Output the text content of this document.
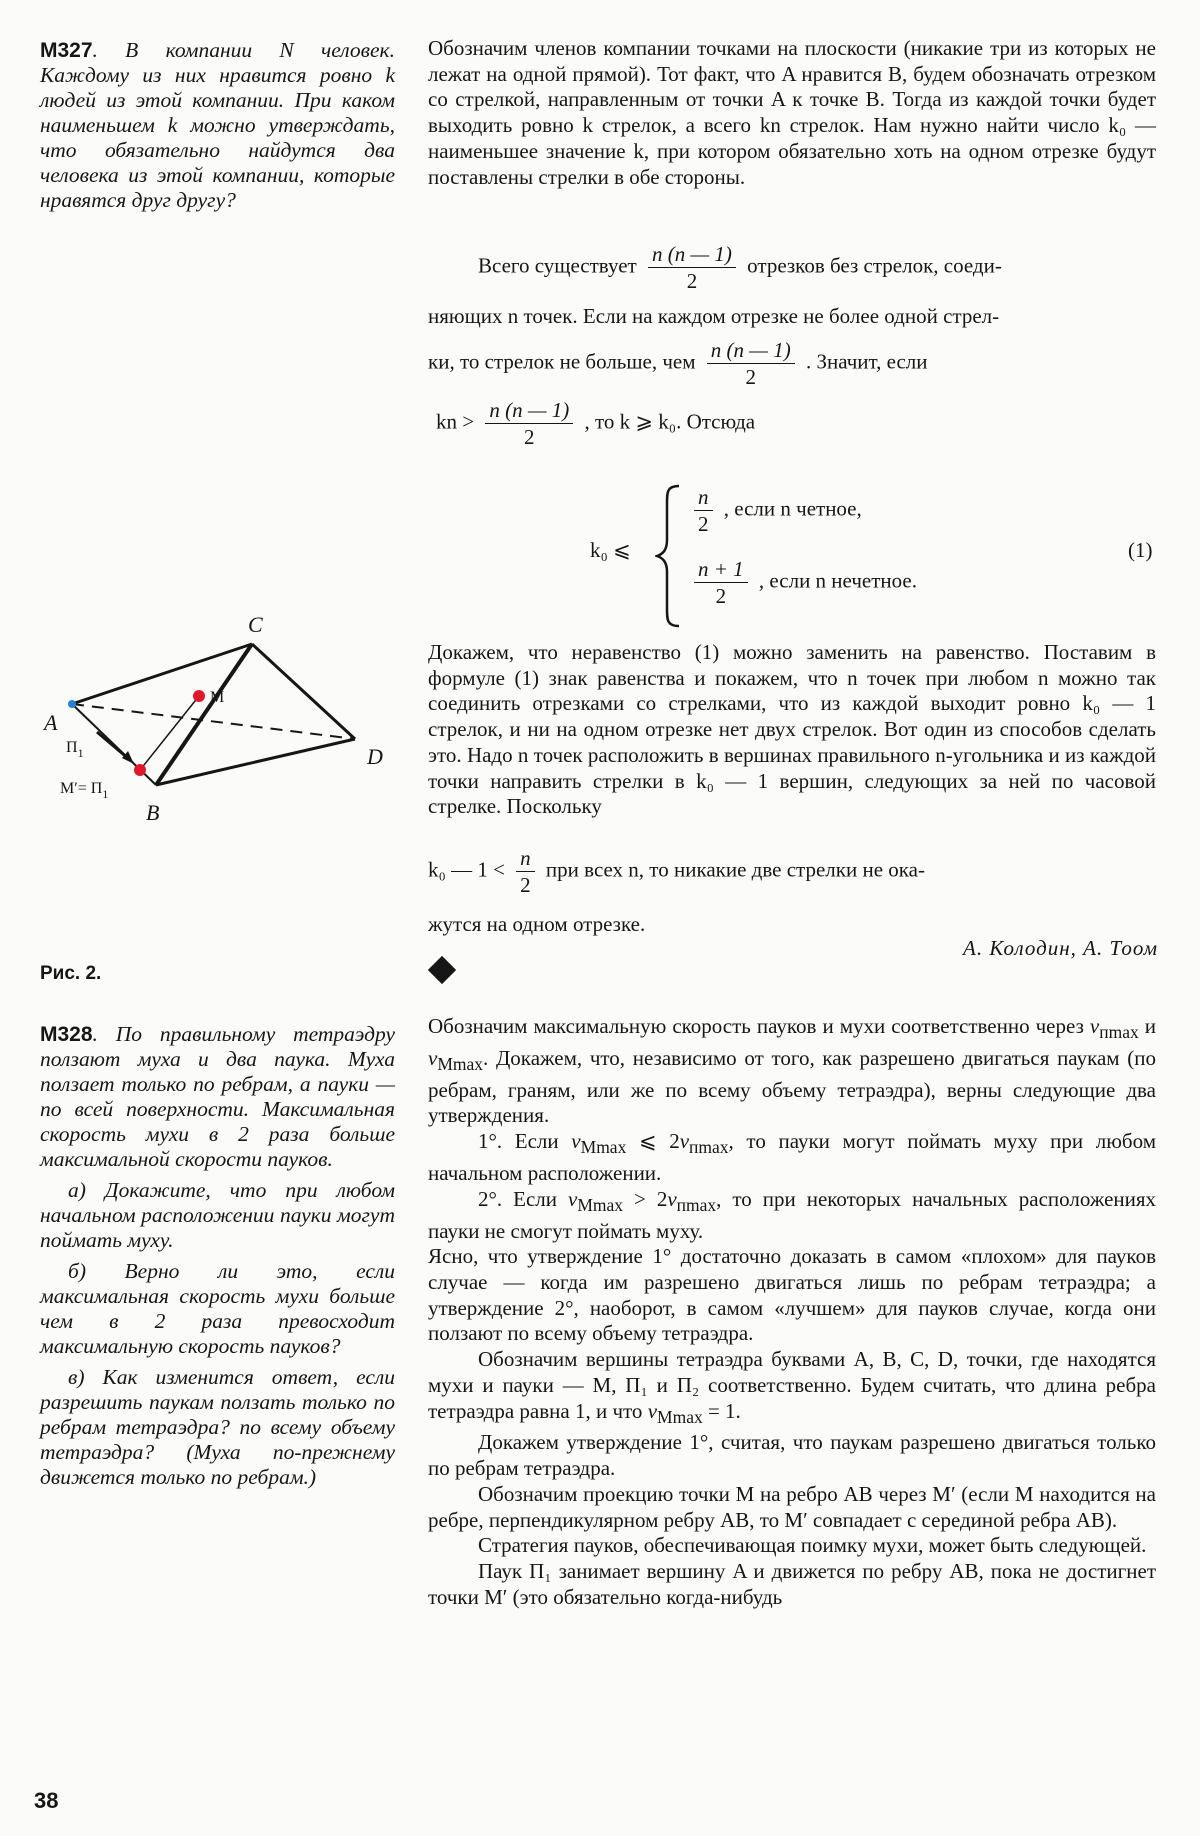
M327. В компании N человек. Каждому из них нравится ровно k людей из этой компании. При каком наименьшем k можно утверждать, что обязательно найдутся два человека из этой компании, которые нравятся друг другу?

C
A
B
D
M
$П_1$
$M'= П_1$
Рис. 2.

Обозначим членов компании точками на плоскости (никакие три из которых не лежат на одной прямой). Тот факт, что A нравится B, будем обозначать отрезком со стрелкой, направленным от точки A к точке B. Тогда из каждой точки будет выходить ровно k стрелок, а всего kn стрелок. Нам нужно найти число k₀ — наименьшее значение k, при котором обязательно хоть на одном отрезке будут поставлены стрелки в обе стороны.

Всего существует $\frac{n (n — 1)}{2}$ отрезков без стрелок, соеди-
няющих n точек. Если на каждом отрезке не более одной стрел-
ки, то стрелок не больше, чем $\frac{n (n — 1)}{2}$ . Значит, если
kn > $\frac{n (n — 1)}{2}$ , то k ⩾ k₀. Отсюда
k₀ ⩽
$\frac{n}{2}$ , если n четное,
$\frac{n + 1}{2}$ , если n нечетное.
(1)

Докажем, что неравенство (1) можно заменить на равенство. Поставим в формуле (1) знак равенства и покажем, что n точек при любом n можно так соединить отрезками со стрелками, что из каждой выходит ровно k₀ — 1 стрелок, и ни на одном отрезке нет двух стрелок. Вот один из способов сделать это. Надо n точек расположить в вершинах правильного n-угольника и из каждой точки направить стрелки в k₀ — 1 вершин, следующих за ней по часовой стрелке. Поскольку

k₀ — $1 < \frac{n}{2}$ при всех n, то никакие две стрелки не ока-
жутся на одном отрезке.
А. Колодин, А. Тоом

M328. По правильному тетраэдру ползают муха и два паука. Муха ползает только по ребрам, а пауки — по всей поверхности. Максимальная скорость мухи в 2 раза больше максимальной скорости пауков.

а) Докажите, что при любом начальном расположении пауки могут поймать муху.

б) Верно ли это, если максимальная скорость мухи больше чем в 2 раза превосходит максимальную скорость пауков?

в) Как изменится ответ, если разрешить паукам ползать только по ребрам тетраэдра? по всему объему тетраэдра? (Муха по-прежнему движется только по ребрам.)

Обозначим максимальную скорость пауков и мухи соответственно через $v_{пmax}$ и $v_{Мmax}$. Докажем, что, независимо от того, как разрешено двигаться паукам (по ребрам, граням, или же по всему объему тетраэдра), верны следующие два утверждения.

1°. Если $v_{Мmax}$ ⩽ $2v_{пmax}$, то пауки могут поймать муху при любом начальном расположении.

2°. Если $v_{Мmax} > 2v_{пmax}$, то при некоторых начальных расположениях пауки не смогут поймать муху.

Ясно, что утверждение 1° достаточно доказать в самом «плохом» для пауков случае — когда им разрешено двигаться лишь по ребрам тетраэдра; а утверждение 2°, наоборот, в самом «лучшем» для пауков случае, когда они ползают по всему объему тетраэдра.

Обозначим вершины тетраэдра буквами A, B, C, D, точки, где находятся мухи и пауки — М, П₁ и П₂ соответственно. Будем считать, что длина ребра тетраэдра равна 1, и что $v_{Мmax} = 1$.

Докажем утверждение 1°, считая, что паукам разрешено двигаться только по ребрам тетраэдра.

Обозначим проекцию точки М на ребро AB через М′ (если М находится на ребре, перпендикулярном ребру AB, то М′ совпадает с серединой ребра AB).

Стратегия пауков, обеспечивающая поимку мухи, может быть следующей.

Паук П₁ занимает вершину A и движется по ребру AB, пока не достигнет точки М′ (это обязательно когда-нибудь

38
